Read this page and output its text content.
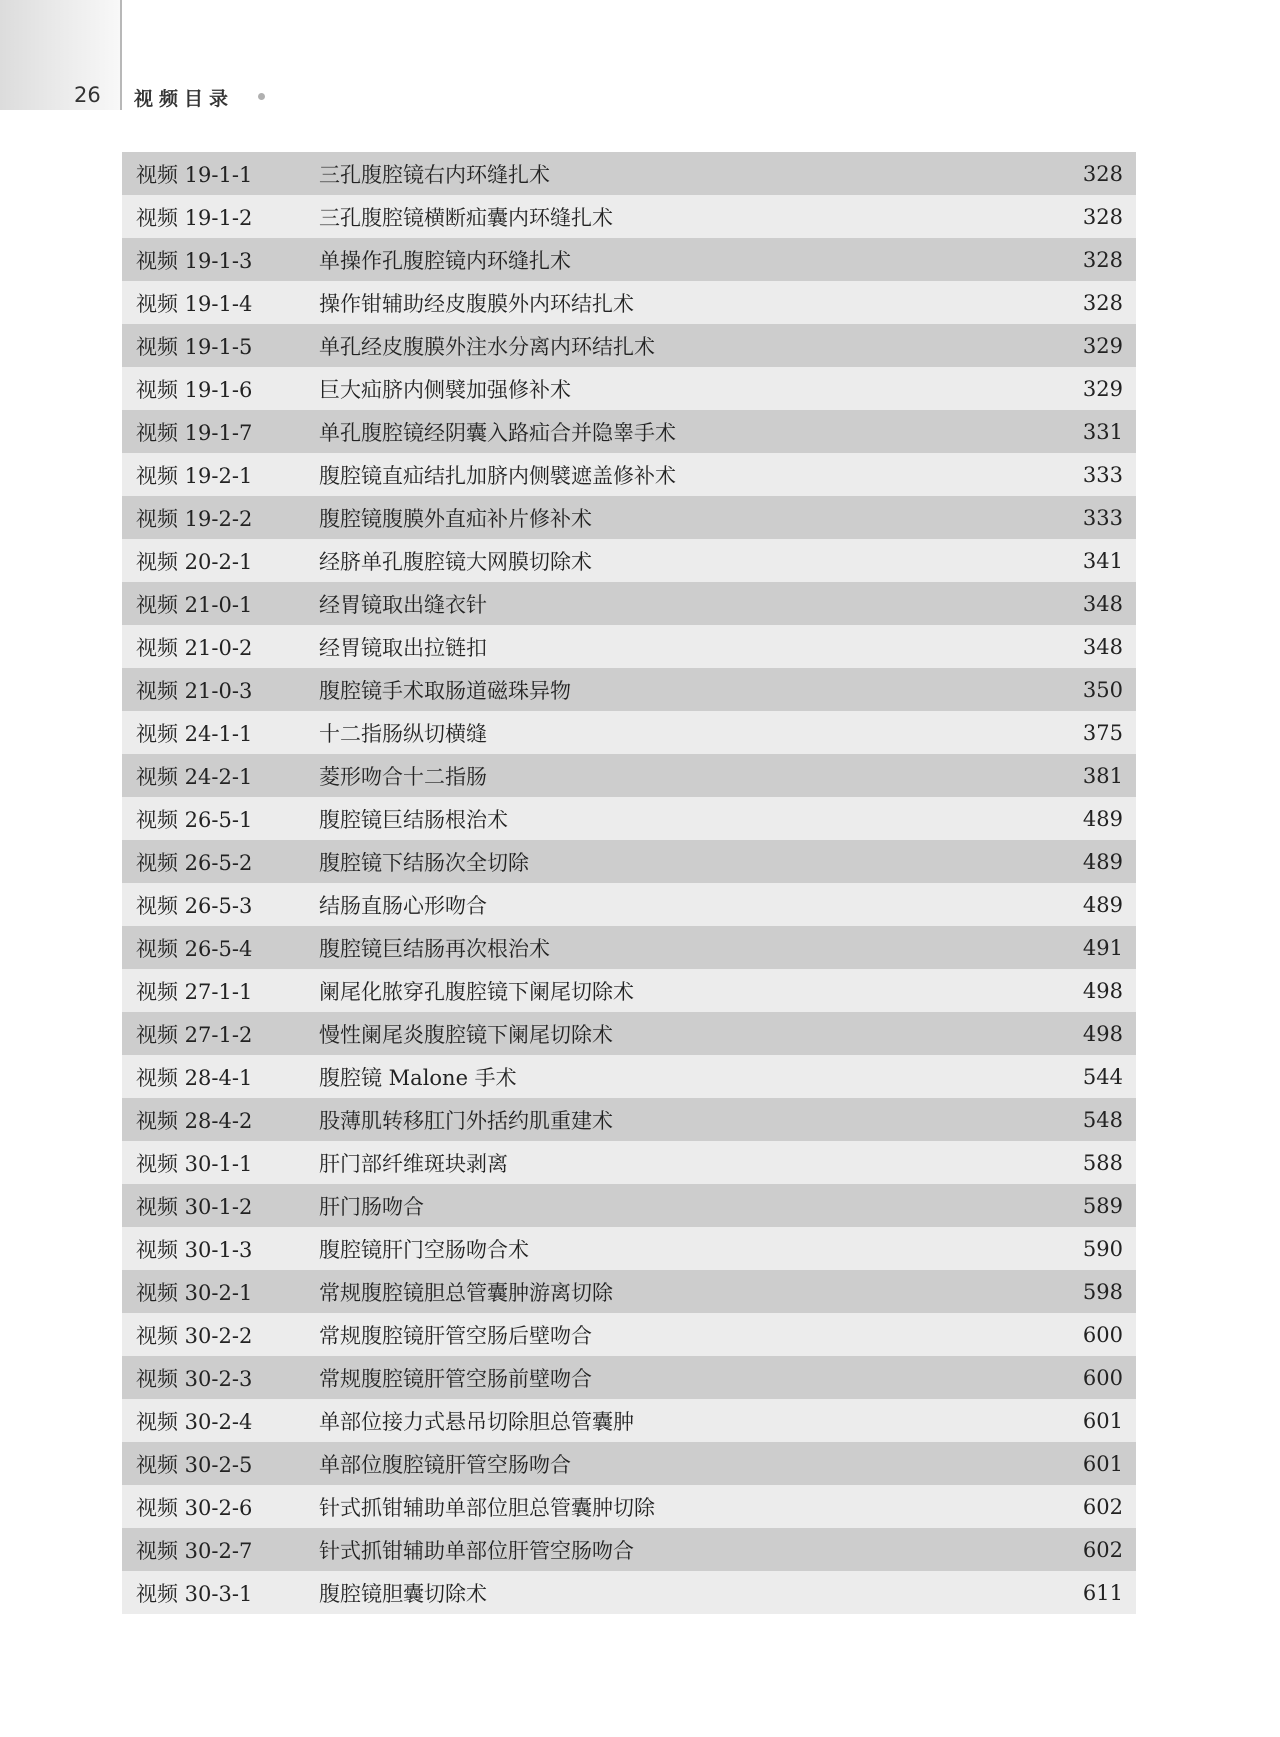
26 视频目录
视频 19-1-1	三孔腹腔镜右内环缝扎术	328
视频 19-1-2	三孔腹腔镜横断疝囊内环缝扎术	328
视频 19-1-3	单操作孔腹腔镜内环缝扎术	328
视频 19-1-4	操作钳辅助经皮腹膜外内环结扎术	328
视频 19-1-5	单孔经皮腹膜外注水分离内环结扎术	329
视频 19-1-6	巨大疝脐内侧襞加强修补术	329
视频 19-1-7	单孔腹腔镜经阴囊入路疝合并隐睾手术	331
视频 19-2-1	腹腔镜直疝结扎加脐内侧襞遮盖修补术	333
视频 19-2-2	腹腔镜腹膜外直疝补片修补术	333
视频 20-2-1	经脐单孔腹腔镜大网膜切除术	341
视频 21-0-1	经胃镜取出缝衣针	348
视频 21-0-2	经胃镜取出拉链扣	348
视频 21-0-3	腹腔镜手术取肠道磁珠异物	350
视频 24-1-1	十二指肠纵切横缝	375
视频 24-2-1	菱形吻合十二指肠	381
视频 26-5-1	腹腔镜巨结肠根治术	489
视频 26-5-2	腹腔镜下结肠次全切除	489
视频 26-5-3	结肠直肠心形吻合	489
视频 26-5-4	腹腔镜巨结肠再次根治术	491
视频 27-1-1	阑尾化脓穿孔腹腔镜下阑尾切除术	498
视频 27-1-2	慢性阑尾炎腹腔镜下阑尾切除术	498
视频 28-4-1	腹腔镜 Malone 手术	544
视频 28-4-2	股薄肌转移肛门外括约肌重建术	548
视频 30-1-1	肝门部纤维斑块剥离	588
视频 30-1-2	肝门肠吻合	589
视频 30-1-3	腹腔镜肝门空肠吻合术	590
视频 30-2-1	常规腹腔镜胆总管囊肿游离切除	598
视频 30-2-2	常规腹腔镜肝管空肠后壁吻合	600
视频 30-2-3	常规腹腔镜肝管空肠前壁吻合	600
视频 30-2-4	单部位接力式悬吊切除胆总管囊肿	601
视频 30-2-5	单部位腹腔镜肝管空肠吻合	601
视频 30-2-6	针式抓钳辅助单部位胆总管囊肿切除	602
视频 30-2-7	针式抓钳辅助单部位肝管空肠吻合	602
视频 30-3-1	腹腔镜胆囊切除术	611
